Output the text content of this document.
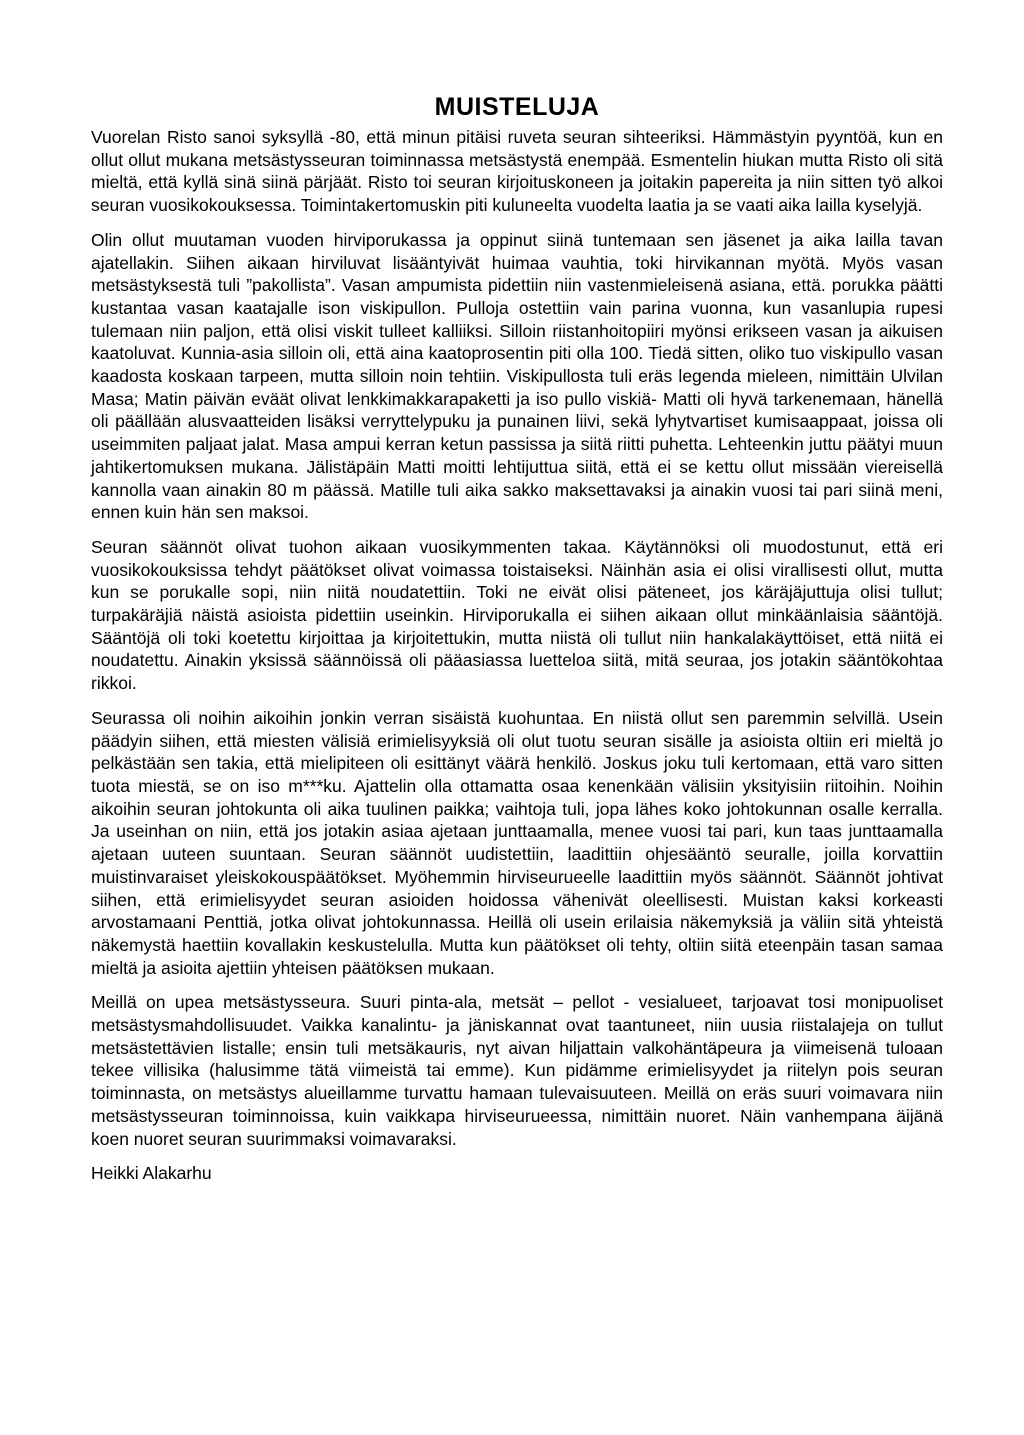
MUISTELUJA

Vuorelan Risto sanoi syksyllä -80, että minun pitäisi ruveta seuran sihteeriksi. Hämmästyin pyyntöä, kun en ollut ollut mukana metsästysseuran toiminnassa metsästystä enempää. Esmentelin hiukan mutta Risto oli sitä mieltä, että kyllä sinä siinä pärjäät. Risto toi seuran kirjoituskoneen ja joitakin papereita ja niin sitten työ alkoi seuran vuosikokouksessa. Toimintakertomuskin piti kuluneelta vuodelta laatia ja se vaati aika lailla kyselyjä.

Olin ollut muutaman vuoden hirviporukassa ja oppinut siinä tuntemaan sen jäsenet ja aika lailla tavan ajatellakin. Siihen aikaan hirviluvat lisääntyivät huimaa vauhtia, toki hirvikannan myötä. Myös vasan metsästyksestä tuli ”pakollista”. Vasan ampumista pidettiin niin vastenmieleisenä asiana, että. porukka päätti kustantaa vasan kaatajalle ison viskipullon. Pulloja ostettiin vain parina vuonna, kun vasanlupia rupesi tulemaan niin paljon, että olisi viskit tulleet kalliiksi. Silloin riistanhoitopiiri myönsi erikseen vasan ja aikuisen kaatoluvat. Kunnia-asia silloin oli, että aina kaatoprosentin piti olla 100. Tiedä sitten, oliko tuo viskipullo vasan kaadosta koskaan tarpeen, mutta silloin noin tehtiin. Viskipullosta tuli eräs legenda mieleen, nimittäin Ulvilan Masa; Matin päivän eväät olivat lenkkimakkarapaketti ja iso pullo viskiä- Matti oli hyvä tarkenemaan, hänellä oli päällään alusvaatteiden lisäksi verryttelypuku ja punainen liivi, sekä lyhytvartiset kumisaappaat, joissa oli useimmiten paljaat jalat. Masa ampui kerran ketun passissa ja siitä riitti puhetta. Lehteenkin juttu päätyi muun jahtikertomuksen mukana. Jälistäpäin Matti moitti lehtijuttua siitä, että ei se kettu ollut missään viereisellä kannolla vaan ainakin 80 m päässä. Matille tuli aika sakko maksettavaksi ja ainakin vuosi tai pari siinä meni, ennen kuin hän sen maksoi.

Seuran säännöt olivat tuohon aikaan vuosikymmenten takaa. Käytännöksi oli muodostunut, että eri vuosikokouksissa tehdyt päätökset olivat voimassa toistaiseksi. Näinhän asia ei olisi virallisesti ollut, mutta kun se porukalle sopi, niin niitä noudatettiin. Toki ne eivät olisi päteneet, jos käräjäjuttuja olisi tullut; turpakäräjiä näistä asioista pidettiin useinkin. Hirviporukalla ei siihen aikaan ollut minkäänlaisia sääntöjä. Sääntöjä oli toki koetettu kirjoittaa ja kirjoitettukin, mutta niistä oli tullut niin hankalakäyttöiset, että niitä ei noudatettu. Ainakin yksissä säännöissä oli pääasiassa luetteloa siitä, mitä seuraa, jos jotakin sääntökohtaa rikkoi.

Seurassa oli noihin aikoihin jonkin verran sisäistä kuohuntaa. En niistä ollut sen paremmin selvillä. Usein päädyin siihen, että miesten välisiä erimielisyyksiä oli olut tuotu seuran sisälle ja asioista oltiin eri mieltä jo pelkästään sen takia, että mielipiteen oli esittänyt väärä henkilö. Joskus joku tuli kertomaan, että varo sitten tuota miestä, se on iso m***ku. Ajattelin olla ottamatta osaa kenenkään välisiin yksityisiin riitoihin. Noihin aikoihin seuran johtokunta oli aika tuulinen paikka; vaihtoja tuli, jopa lähes koko johtokunnan osalle kerralla. Ja useinhan on niin, että jos jotakin asiaa ajetaan junttaamalla, menee vuosi tai pari, kun taas junttaamalla ajetaan uuteen suuntaan. Seuran säännöt uudistettiin, laadittiin ohjesääntö seuralle, joilla korvattiin muistinvaraiset yleiskokouspäätökset. Myöhemmin hirviseurueelle laadittiin myös säännöt. Säännöt johtivat siihen, että erimielisyydet seuran asioiden hoidossa vähenivät oleellisesti. Muistan kaksi korkeasti arvostamaani Penttiä, jotka olivat johtokunnassa. Heillä oli usein erilaisia näkemyksiä ja väliin sitä yhteistä näkemystä haettiin kovallakin keskustelulla. Mutta kun päätökset oli tehty, oltiin siitä eteenpäin tasan samaa mieltä ja asioita ajettiin yhteisen päätöksen mukaan.

Meillä on upea metsästysseura. Suuri pinta-ala, metsät – pellot - vesialueet, tarjoavat tosi monipuoliset metsästysmahdollisuudet. Vaikka kanalintu- ja jäniskannat ovat taantuneet, niin uusia riistalajeja on tullut metsästettävien listalle; ensin tuli metsäkauris, nyt aivan hiljattain valkohäntäpeura ja viimeisenä tuloaan tekee villisika (halusimme tätä viimeistä tai emme). Kun pidämme erimielisyydet ja riitelyn pois seuran toiminnasta, on metsästys alueillamme turvattu hamaan tulevaisuuteen. Meillä on eräs suuri voimavara niin metsästysseuran toiminnoissa, kuin vaikkapa hirviseurueessa, nimittäin nuoret. Näin vanhempana äijänä koen nuoret seuran suurimmaksi voimavaraksi.

Heikki Alakarhu
